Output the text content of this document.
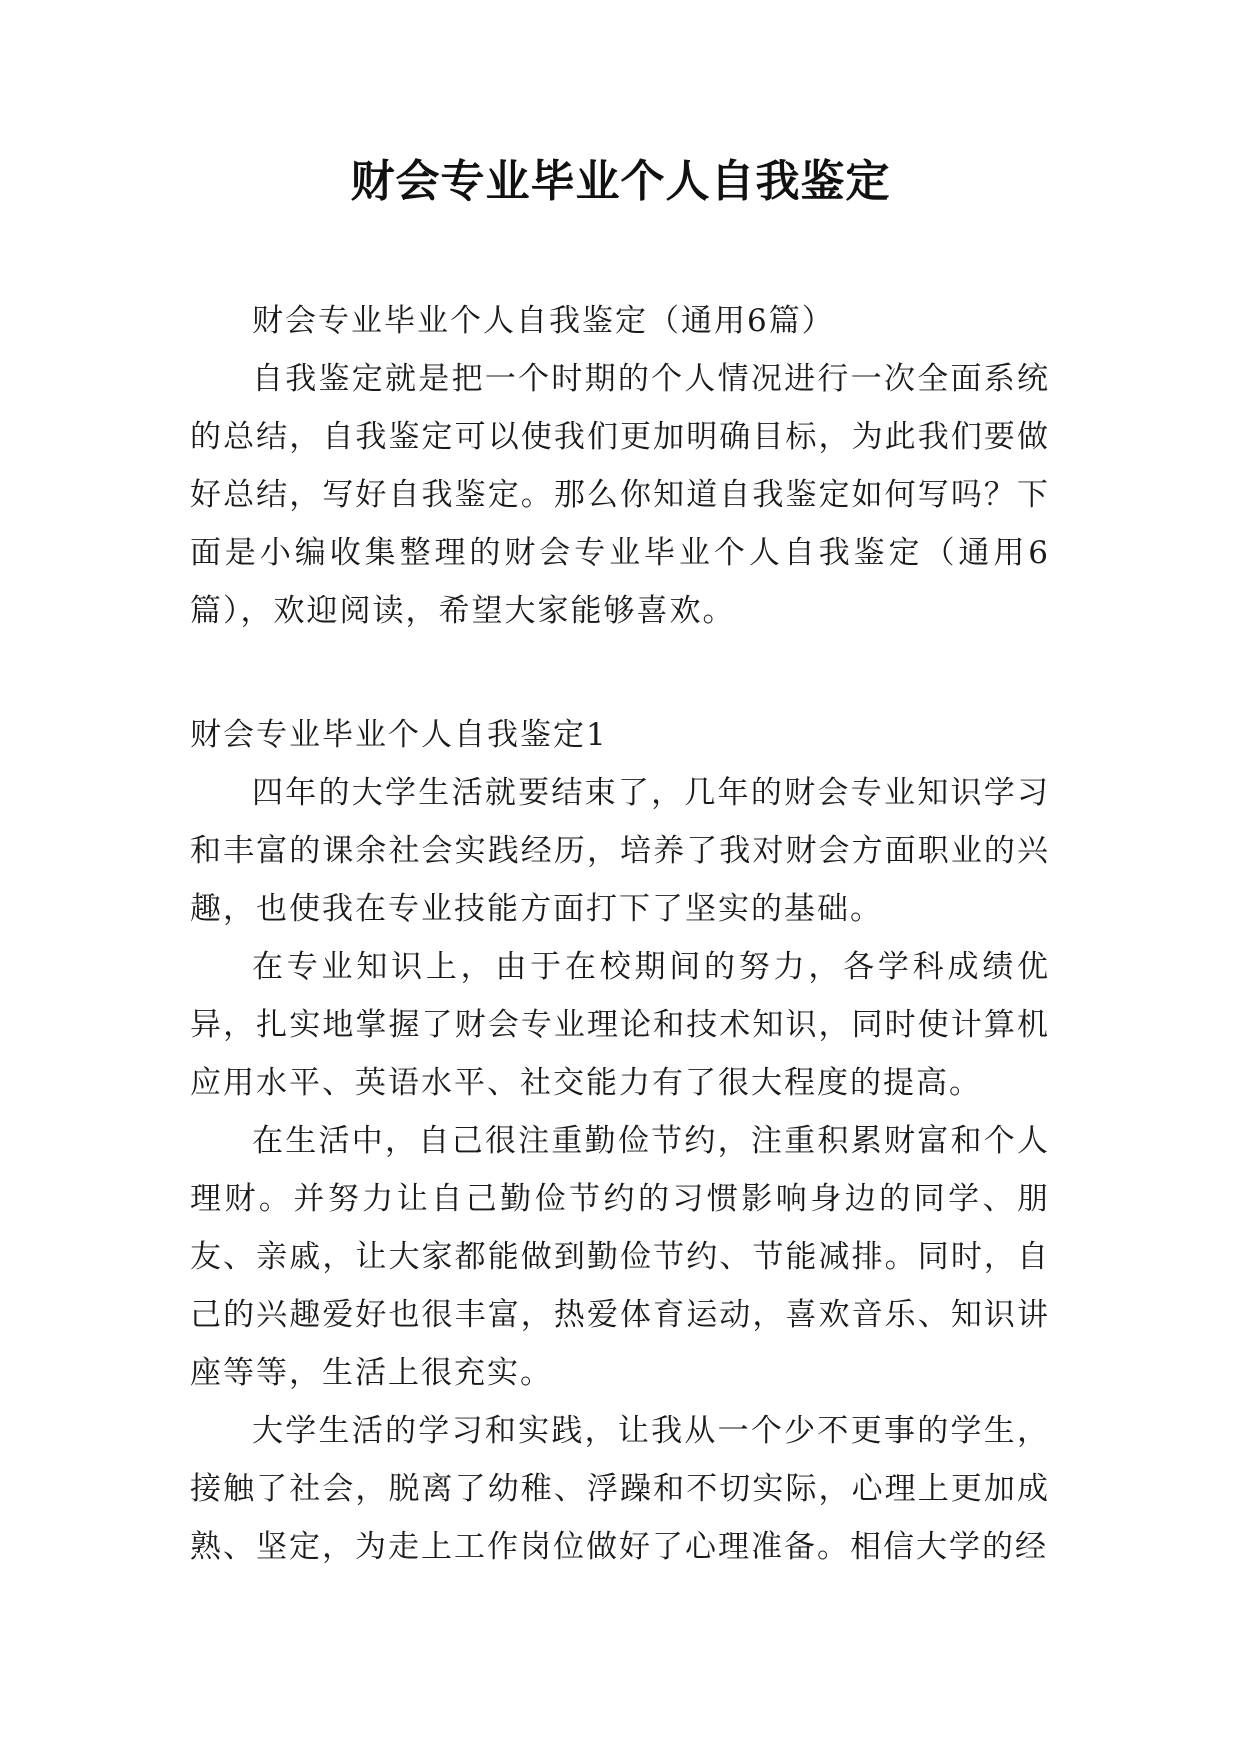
财会专业毕业个人自我鉴定

财会专业毕业个人自我鉴定（通用6篇）

自我鉴定就是把一个时期的个人情况进行一次全面系统的总结，自我鉴定可以使我们更加明确目标，为此我们要做好总结，写好自我鉴定。那么你知道自我鉴定如何写吗？下面是小编收集整理的财会专业毕业个人自我鉴定（通用6篇），欢迎阅读，希望大家能够喜欢。

财会专业毕业个人自我鉴定1

四年的大学生活就要结束了，几年的财会专业知识学习和丰富的课余社会实践经历，培养了我对财会方面职业的兴趣，也使我在专业技能方面打下了坚实的基础。

在专业知识上，由于在校期间的努力，各学科成绩优异，扎实地掌握了财会专业理论和技术知识，同时使计算机应用水平、英语水平、社交能力有了很大程度的提高。

在生活中，自己很注重勤俭节约，注重积累财富和个人理财。并努力让自己勤俭节约的习惯影响身边的同学、朋友、亲戚，让大家都能做到勤俭节约、节能减排。同时，自己的兴趣爱好也很丰富，热爱体育运动，喜欢音乐、知识讲座等等，生活上很充实。

大学生活的学习和实践，让我从一个少不更事的学生，接触了社会，脱离了幼稚、浮躁和不切实际，心理上更加成熟、坚定，为走上工作岗位做好了心理准备。相信大学的经
